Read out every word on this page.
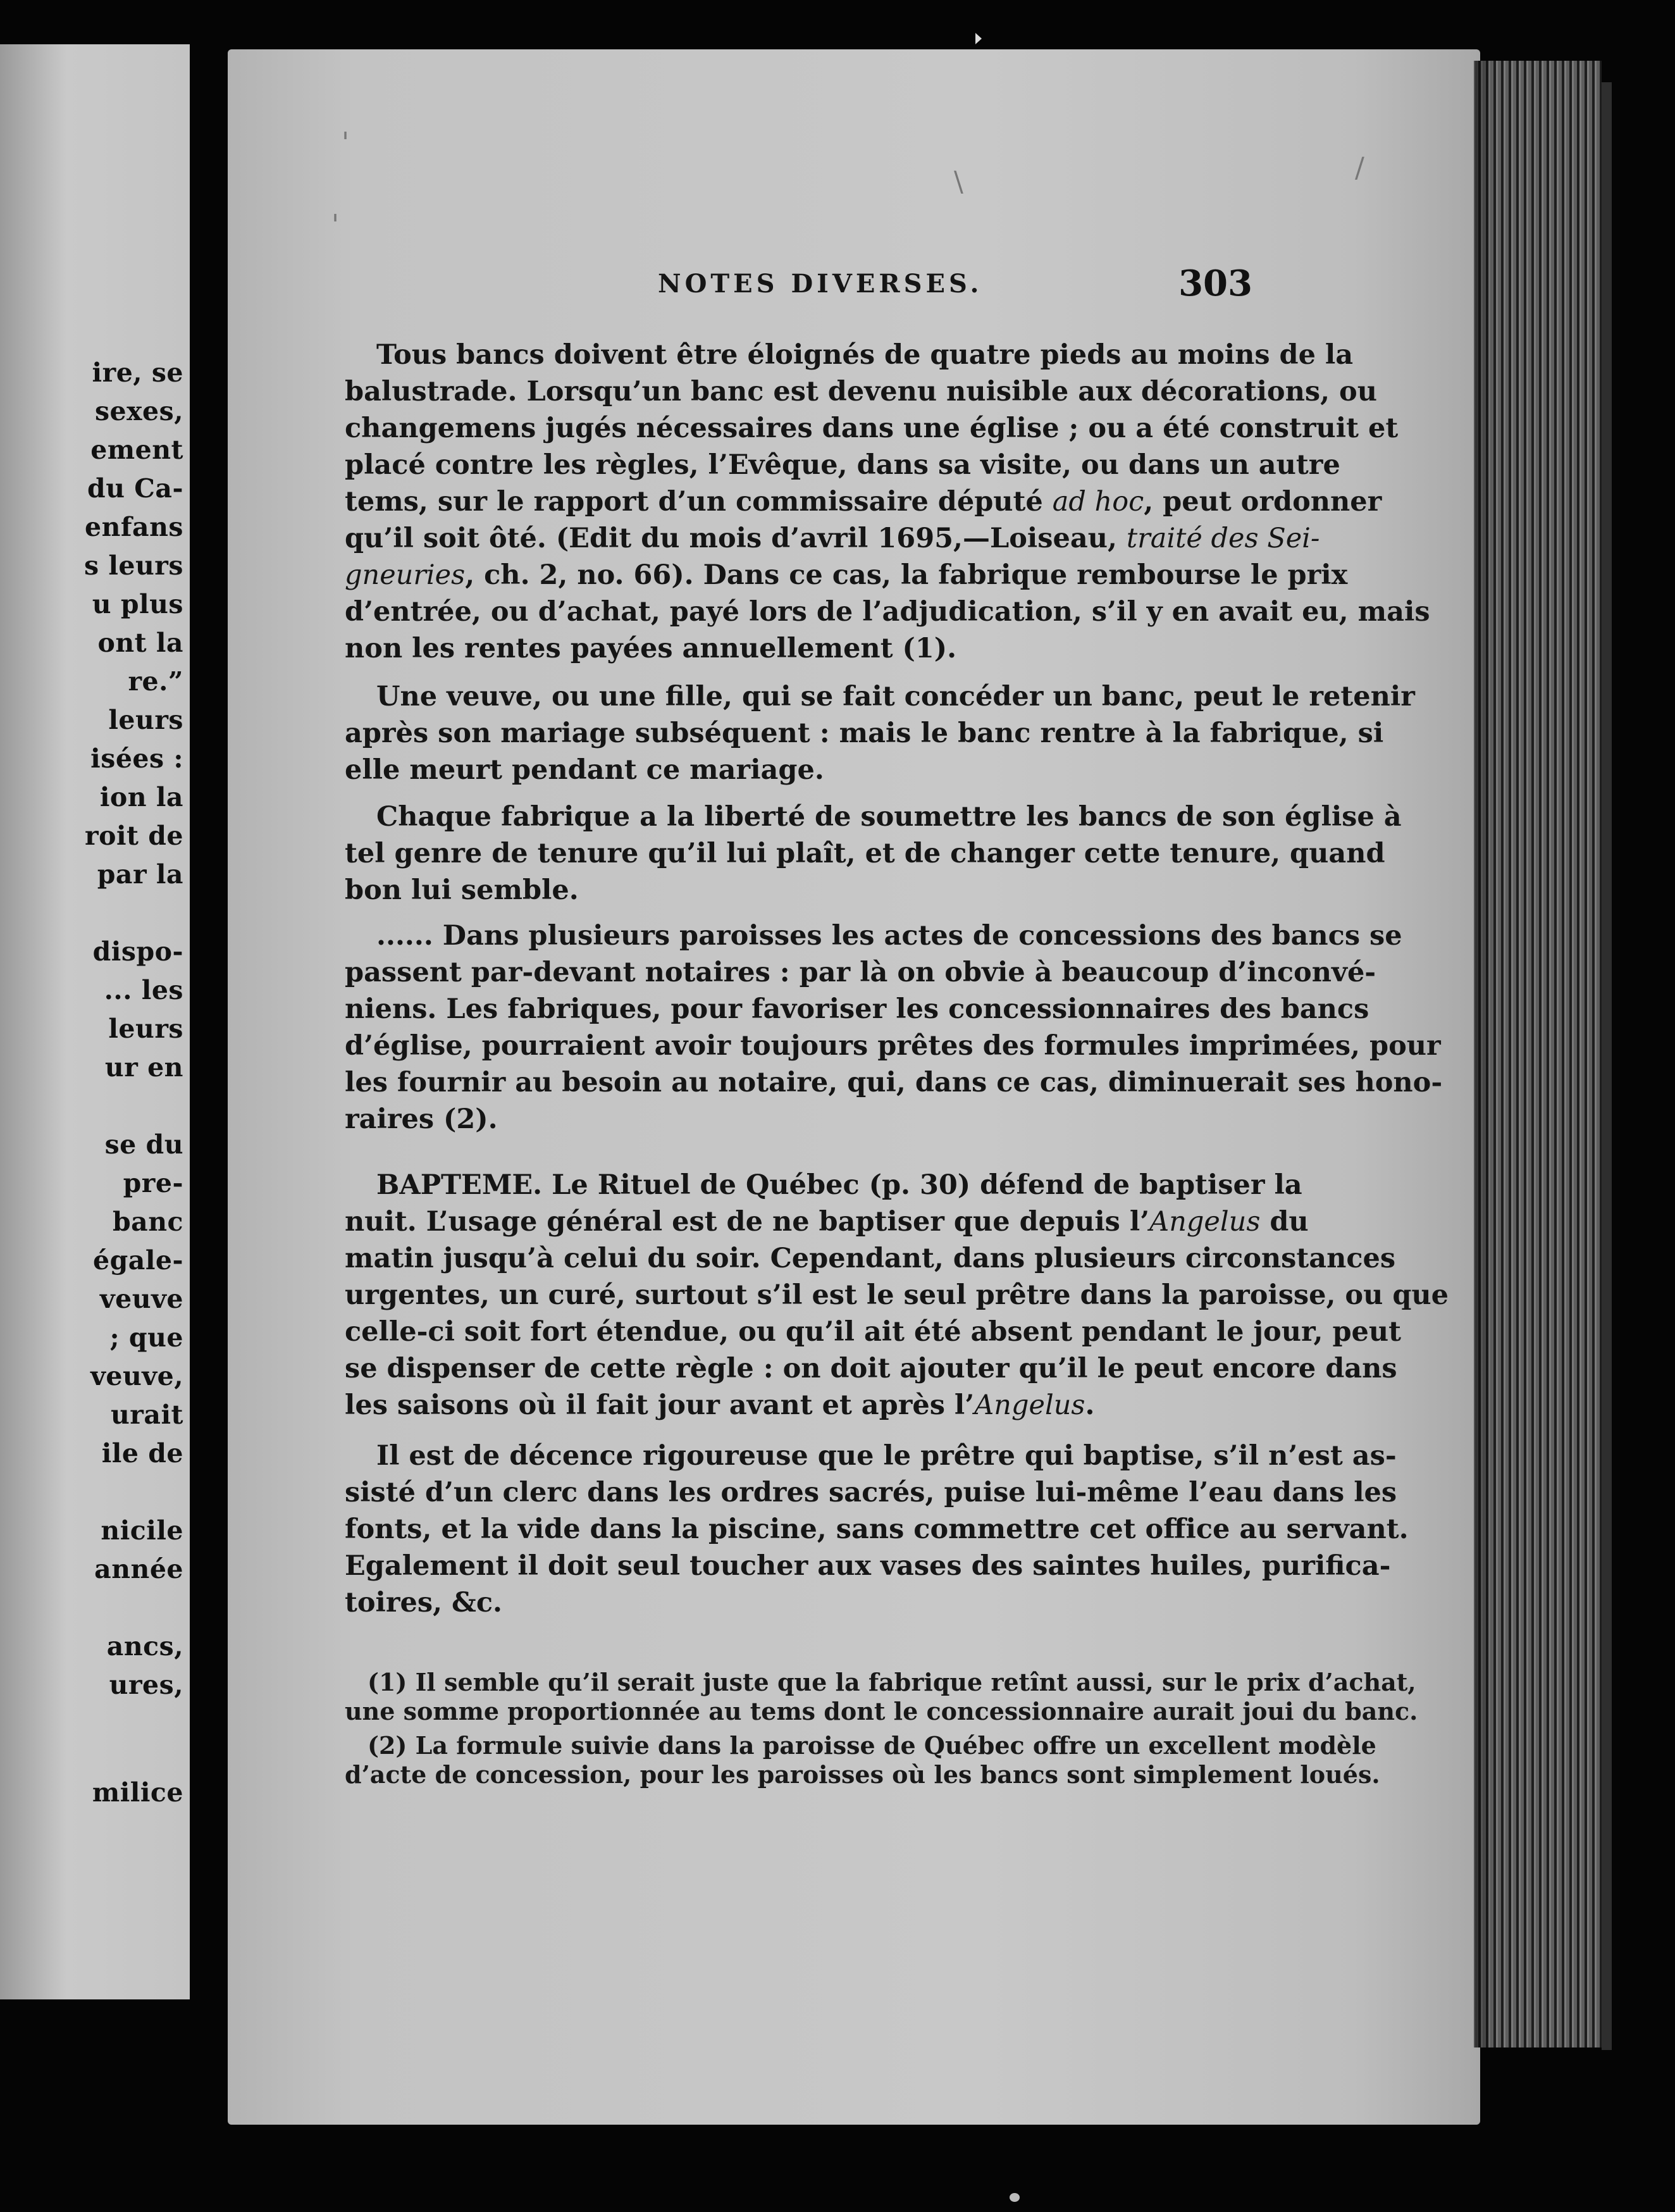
ire, se

sexes,

ement

du Ca-

enfans

s leurs

u plus

ont la

re.”

leurs

isées :

ion la

roit de

par la

dispo-

... les

leurs

ur en

se du

pre-

banc

égale-

veuve

; que

veuve,

urait

ile de

nicile

année

ancs,

ures,

milice

'
\	/
'
NOTES DIVERSES.	303

Tous bancs doivent être éloignés de quatre pieds au moins de la

balustrade. Lorsqu’un banc est devenu nuisible aux décorations, ou

changemens jugés nécessaires dans une église ; ou a été construit et

placé contre les règles, l’Evêque, dans sa visite, ou dans un autre

tems, sur le rapport d’un commissaire député ad hoc, peut ordonner

qu’il soit ôté. (Edit du mois d’avril 1695,—Loiseau, traité des Sei-

gneuries, ch. 2, no. 66). Dans ce cas, la fabrique rembourse le prix

d’entrée, ou d’achat, payé lors de l’adjudication, s’il y en avait eu, mais

non les rentes payées annuellement (1).

Une veuve, ou une fille, qui se fait concéder un banc, peut le retenir

après son mariage subséquent : mais le banc rentre à la fabrique, si

elle meurt pendant ce mariage.

Chaque fabrique a la liberté de soumettre les bancs de son église à

tel genre de tenure qu’il lui plaît, et de changer cette tenure, quand

bon lui semble.

...... Dans plusieurs paroisses les actes de concessions des bancs se

passent par-devant notaires : par là on obvie à beaucoup d’inconvé-

niens. Les fabriques, pour favoriser les concessionnaires des bancs

d’église, pourraient avoir toujours prêtes des formules imprimées, pour

les fournir au besoin au notaire, qui, dans ce cas, diminuerait ses hono-

raires (2).

BAPTEME. Le Rituel de Québec (p. 30) défend de baptiser la

nuit. L’usage général est de ne baptiser que depuis l’Angelus du

matin jusqu’à celui du soir. Cependant, dans plusieurs circonstances

urgentes, un curé, surtout s’il est le seul prêtre dans la paroisse, ou que

celle-ci soit fort étendue, ou qu’il ait été absent pendant le jour, peut

se dispenser de cette règle : on doit ajouter qu’il le peut encore dans

les saisons où il fait jour avant et après l’Angelus.

Il est de décence rigoureuse que le prêtre qui baptise, s’il n’est as-

sisté d’un clerc dans les ordres sacrés, puise lui-même l’eau dans les

fonts, et la vide dans la piscine, sans commettre cet office au servant.

Egalement il doit seul toucher aux vases des saintes huiles, purifica-

toires, &c.

(1) Il semble qu’il serait juste que la fabrique retînt aussi, sur le prix d’achat,

une somme proportionnée au tems dont le concessionnaire aurait joui du banc.

(2) La formule suivie dans la paroisse de Québec offre un excellent modèle

d’acte de concession, pour les paroisses où les bancs sont simplement loués.
